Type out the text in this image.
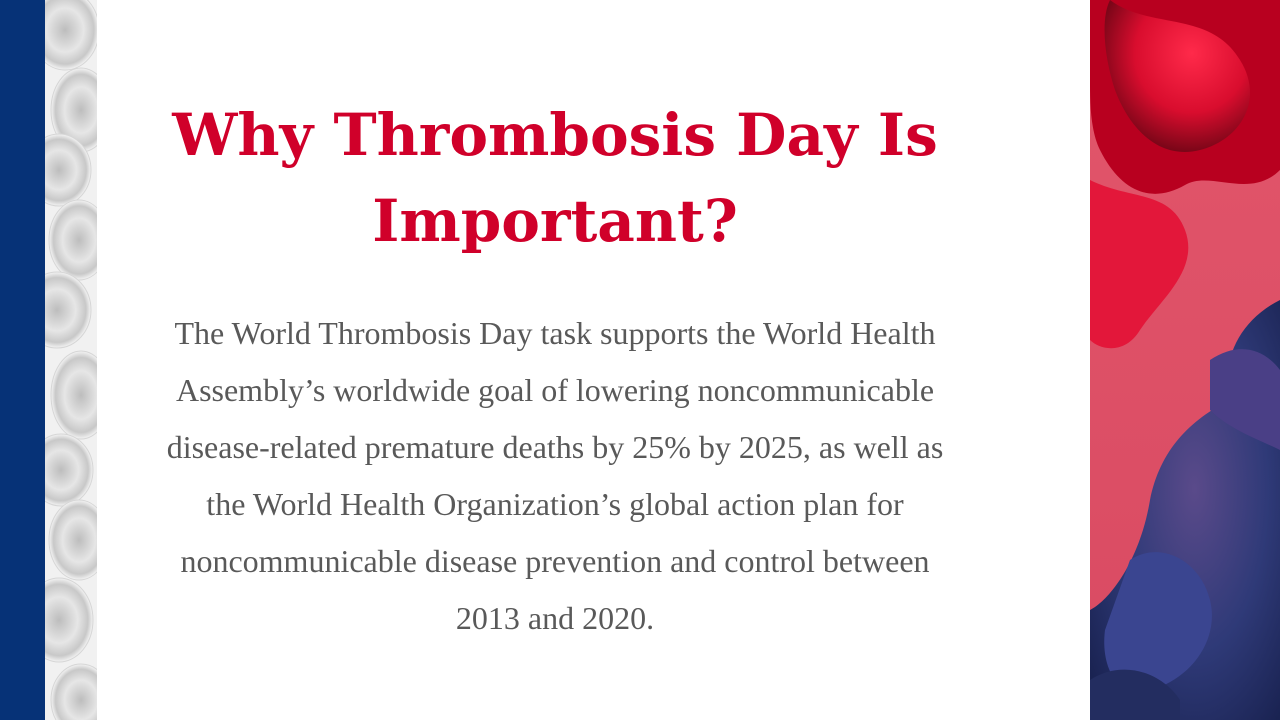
Why Thrombosis Day Is Important?

The World Thrombosis Day task supports the World Health Assembly’s worldwide goal of lowering noncommunicable disease-related premature deaths by 25% by 2025, as well as the World Health Organization’s global action plan for noncommunicable disease prevention and control between 2013 and 2020.
